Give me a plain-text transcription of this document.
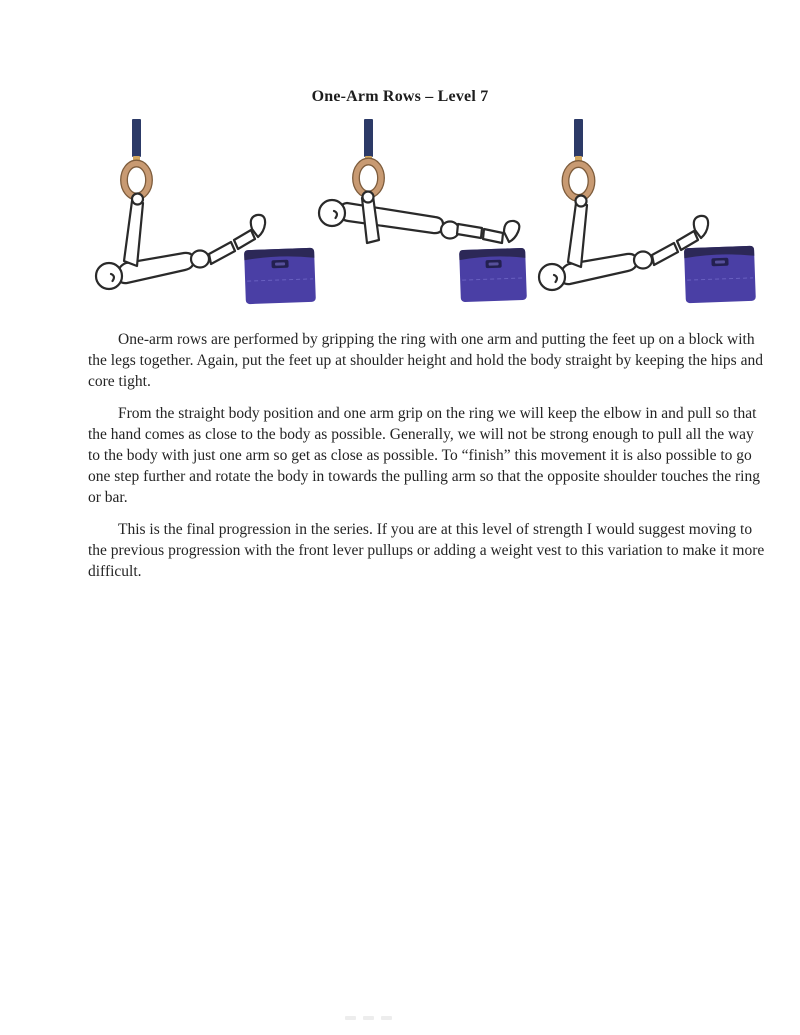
One-Arm Rows – Level 7

One-arm rows are performed by gripping the ring with one arm and putting the feet up on a block with the legs together. Again, put the feet up at shoulder height and hold the body straight by keeping the hips and core tight.

From the straight body position and one arm grip on the ring we will keep the elbow in and pull so that the hand comes as close to the body as possible. Generally, we will not be strong enough to pull all the way to the body with just one arm so get as close as possible. To “finish” this movement it is also possible to go one step further and rotate the body in towards the pulling arm so that the opposite shoulder touches the ring or bar.

This is the final progression in the series. If you are at this level of strength I would suggest moving to the previous progression with the front lever pullups or adding a weight vest to this variation to make it more difficult.
